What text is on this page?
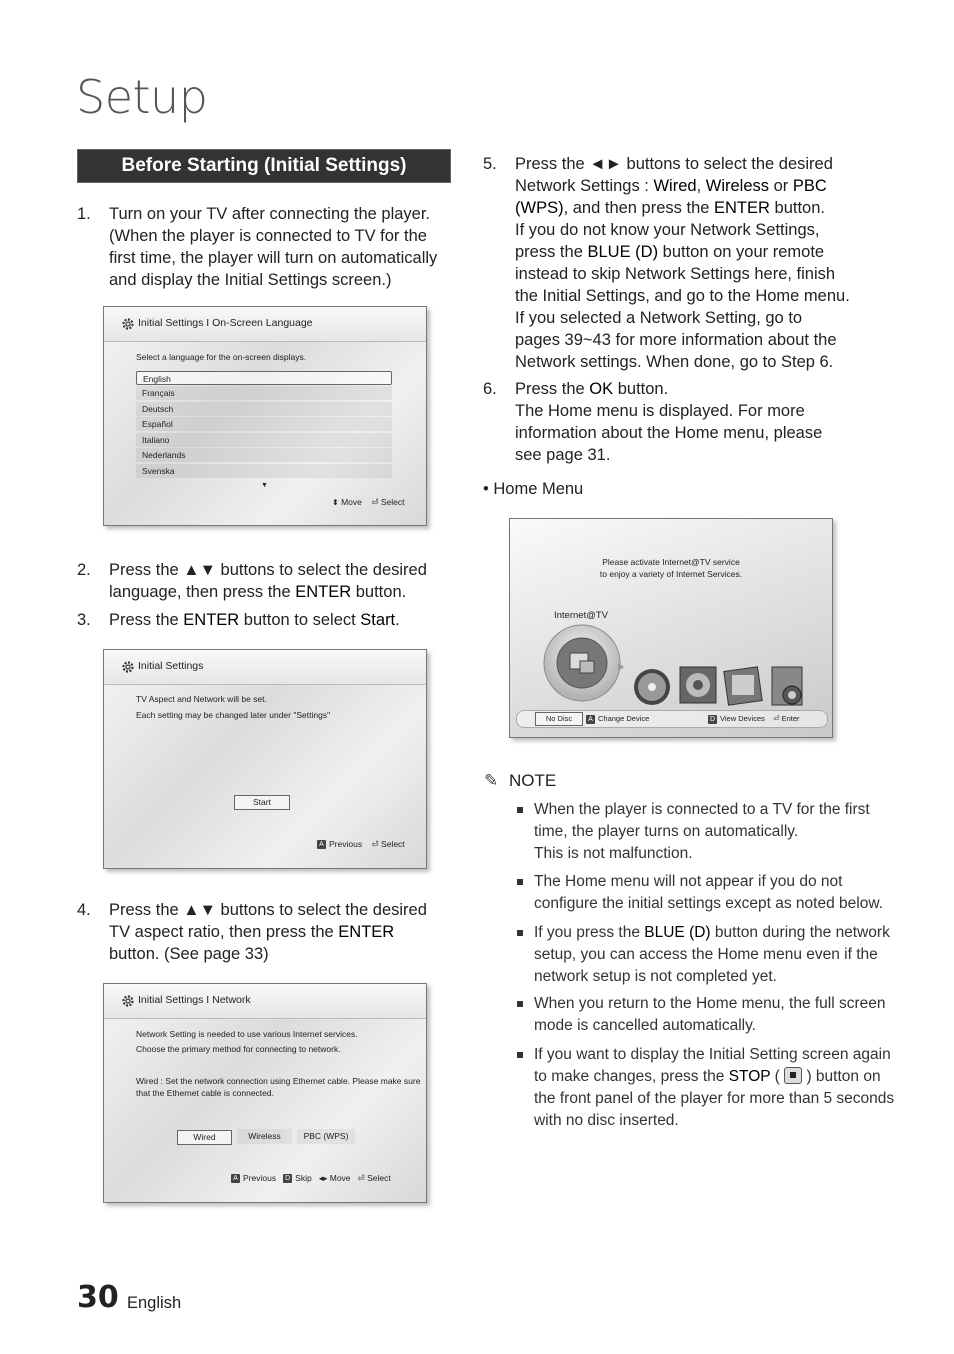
Setup
Before Starting (Initial Settings)
1. Turn on your TV after connecting the player.
(When the player is connected to TV for the
first time, the player will turn on automatically
and display the Initial Settings screen.)
Initial Settings I On-Screen Language
Select a language for the on-screen displays.
English
Français
Deutsch
Español
Italiano
Nederlands
Svenska
▼
⬍ Move ⏎ Select
2. Press the ▲▼ buttons to select the desired
language, then press the ENTER button.
3. Press the ENTER button to select Start.
Initial Settings
TV Aspect and Network will be set.
Each setting may be changed later under "Settings"
Start
A Previous ⏎ Select
4. Press the ▲▼ buttons to select the desired
TV aspect ratio, then press the ENTER
button. (See page 33)
Initial Settings I Network
Network Setting is needed to use various Internet services.
Choose the primary method for connecting to network.
Wired : Set the network connection using Ethernet cable. Please make sure
that the Ethernet cable is connected.
Wired	Wireless	PBC (WPS)
A Previous D Skip ◂▸ Move ⏎ Select
5. Press the ◄► buttons to select the desired
Network Settings : Wired, Wireless or PBC
(WPS), and then press the ENTER button.
If you do not know your Network Settings,
press the BLUE (D) button on your remote
instead to skip Network Settings here, finish
the Initial Settings, and go to the Home menu.
If you selected a Network Setting, go to
pages 39~43 for more information about the
Network settings. When done, go to Step 6.
6. Press the OK button.
The Home menu is displayed. For more
information about the Home menu, please
see page 31.
• Home Menu
Please activate Internet@TV service
to enjoy a variety of Internet Services.
Internet@TV
No Disc	A Change Device	D View Devices ⏎ Enter
✎ NOTE
When the player is connected to a TV for the first
time, the player turns on automatically.
This is not malfunction.
The Home menu will not appear if you do not
configure the initial settings except as noted below.
If you press the BLUE (D) button during the network
setup, you can access the Home menu even if the
network setup is not completed yet.
When you return to the Home menu, the full screen
mode is cancelled automatically.
If you want to display the Initial Setting screen again
to make changes, press the STOP (
) button on
the front panel of the player for more than 5 seconds
with no disc inserted.
30 English
